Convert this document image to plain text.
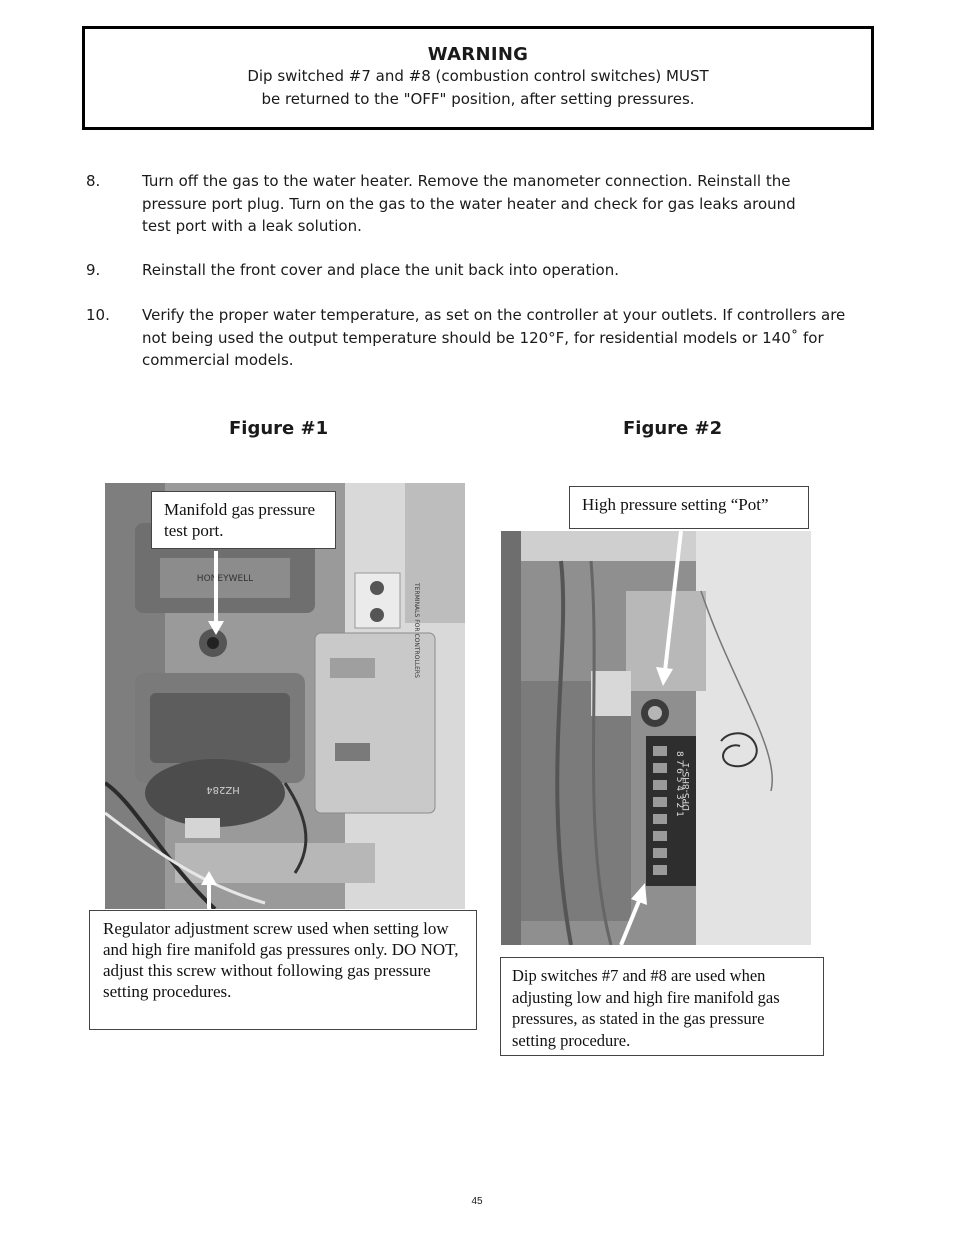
WARNING
Dip switched #7 and #8 (combustion control switches) MUST
be returned to the "OFF" position, after setting pressures.
8.	Turn off the gas to the water heater. Remove the manometer connection. Reinstall the pressure port plug. Turn on the gas to the water heater and check for gas leaks around test port with a leak solution.
9.	Reinstall the front cover and place the unit back into operation.
10. Verify the proper water temperature, as set on the controller at your outlets. If controllers are not being used the output temperature should be 120°F, for residential models or 140˚ for commercial models.
Figure #1	Figure #2
HONEYWELL
HZ284
TERMINALS FOR CONTROLLERS
Manifold gas pressure test port.
Regulator adjustment screw used when setting low and high fire manifold gas pressures only. DO NOT, adjust this screw without following gas pressure setting procedures.
8 7 6 5 4 3 2 1
DPS-8HS-1
High pressure setting “Pot”
Dip switches #7 and #8 are used when adjusting low and high fire manifold gas pressures, as stated in the gas pressure setting procedure.
45
